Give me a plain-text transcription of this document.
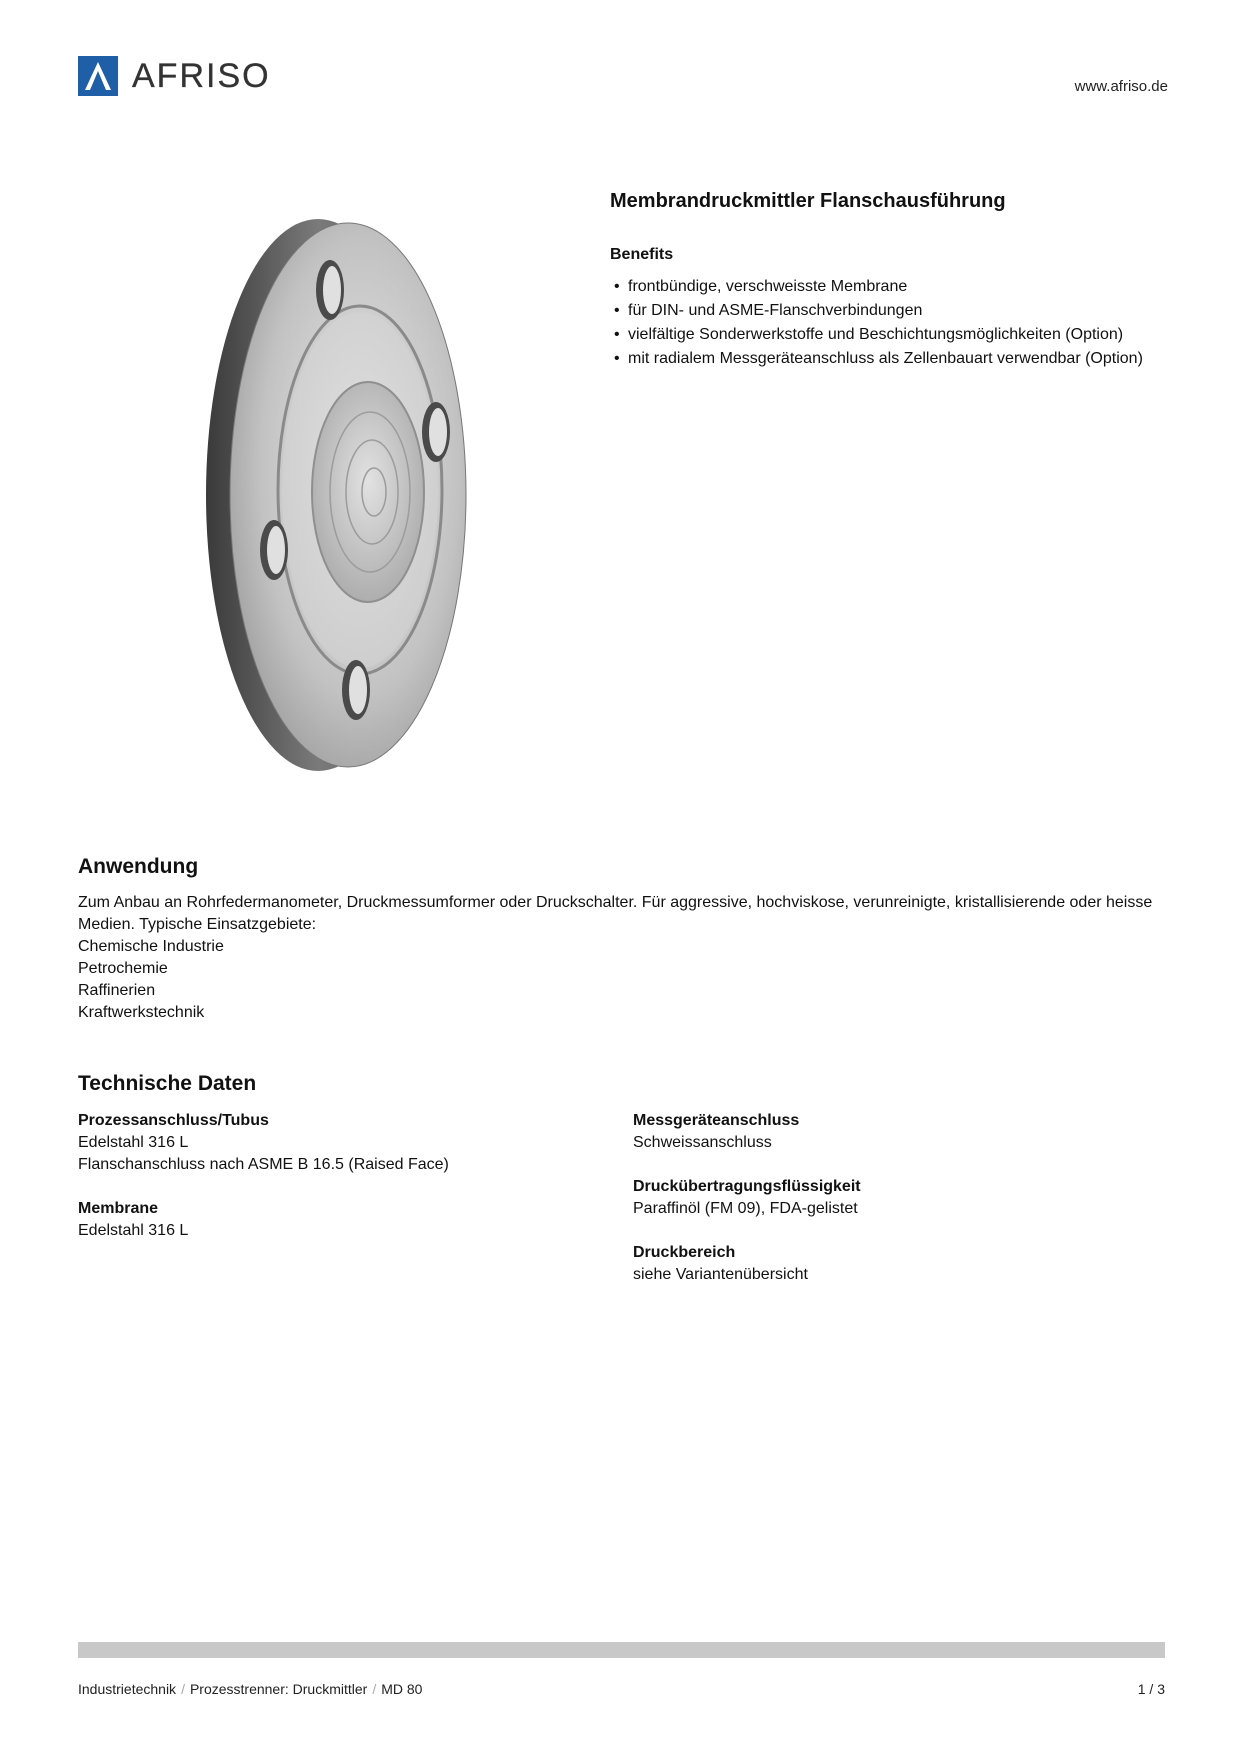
AFRISO	www.afriso.de
Membrandruckmittler Flanschausführung
Benefits
• frontbündige, verschweisste Membrane
• für DIN- und ASME-Flanschverbindungen
• vielfältige Sonderwerkstoffe und Beschichtungsmöglichkeiten (Option)
• mit radialem Messgeräteanschluss als Zellenbauart verwendbar (Option)
Anwendung
Zum Anbau an Rohrfedermanometer, Druckmessumformer oder Druckschalter. Für aggressive, hochviskose, verunreinigte, kristallisierende oder heisse Medien. Typische Einsatzgebiete:
Chemische Industrie
Petrochemie
Raffinerien
Kraftwerkstechnik
Technische Daten
Prozessanschluss/Tubus
Edelstahl 316 L
Flanschanschluss nach ASME B 16.5 (Raised Face)
Membrane
Edelstahl 316 L
Messgeräteanschluss
Schweissanschluss
Druckübertragungsflüssigkeit
Paraffinöl (FM 09), FDA-gelistet
Druckbereich
siehe Variantenübersicht
Industrietechnik / Prozesstrenner: Druckmittler / MD 80	1 / 3
